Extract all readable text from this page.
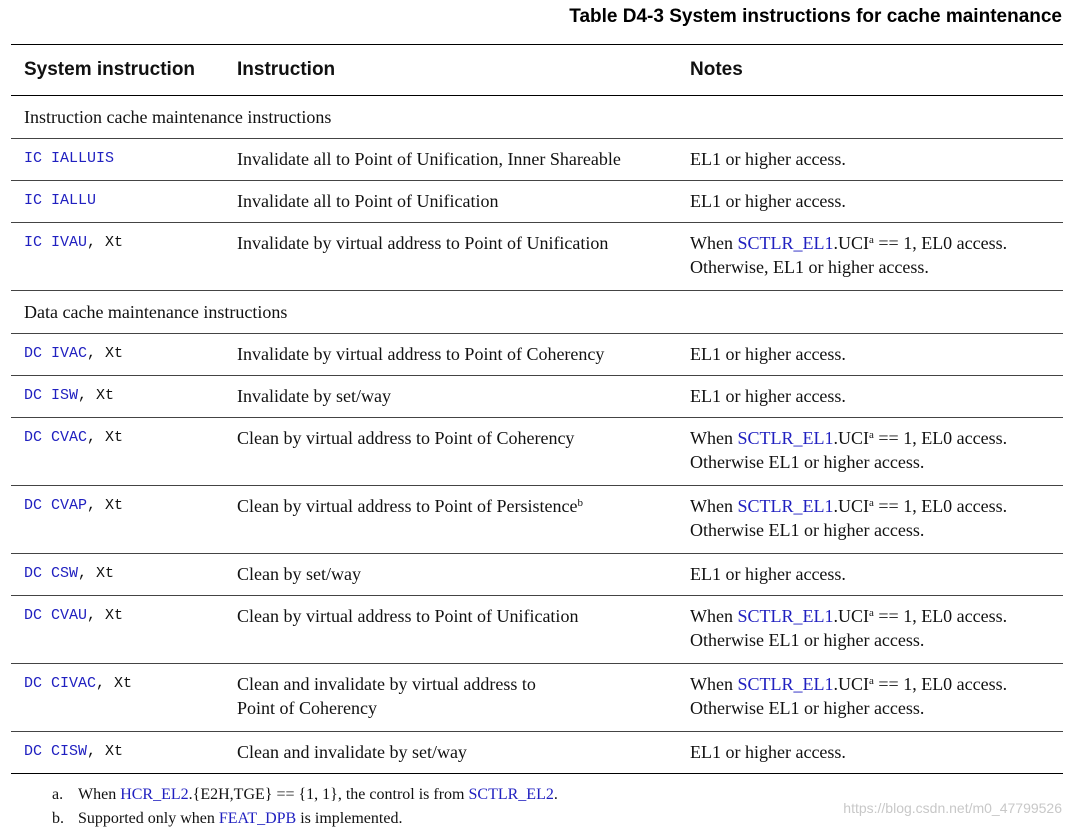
Table D4-3 System instructions for cache maintenance
System instruction	Instruction	Notes
Instruction cache maintenance instructions		

IC IALLUIS	Invalidate all to Point of Unification, Inner Shareable	EL1 or higher access.

IC IALLU	Invalidate all to Point of Unification	EL1 or higher access.

IC IVAU, Xt	Invalidate by virtual address to Point of Unification	When $SCTLR\_EL1.UCI^a == 1$, EL0 access.
Otherwise, EL1 or higher access.

Data cache maintenance instructions		

DC IVAC, Xt	Invalidate by virtual address to Point of Coherency	EL1 or higher access.

DC ISW, Xt	Invalidate by set/way	EL1 or higher access.

DC CVAC, Xt	Clean by virtual address to Point of Coherency	When $SCTLR\_EL1.UCI^a == 1$, EL0 access.
Otherwise EL1 or higher access.

DC CVAP, Xt	Clean by virtual address to Point of Persistence$^b$	When $SCTLR\_EL1.UCI^a == 1$, EL0 access.
Otherwise EL1 or higher access.

DC CSW, Xt	Clean by set/way	EL1 or higher access.

DC CVAU, Xt	Clean by virtual address to Point of Unification	When $SCTLR\_EL1.UCI^a == 1$, EL0 access.
Otherwise EL1 or higher access.

DC CIVAC, Xt	Clean and invalidate by virtual address to
Point of Coherency	When $SCTLR\_EL1.UCI^a == 1$, EL0 access.
Otherwise EL1 or higher access.

DC CISW, Xt	Clean and invalidate by set/way	EL1 or higher access.
a. When HCR_EL2.{E2H,TGE} == {1, 1}, the control is from SCTLR_EL2.
b. Supported only when FEAT_DPB is implemented.
https://blog.csdn.net/m0_47799526
